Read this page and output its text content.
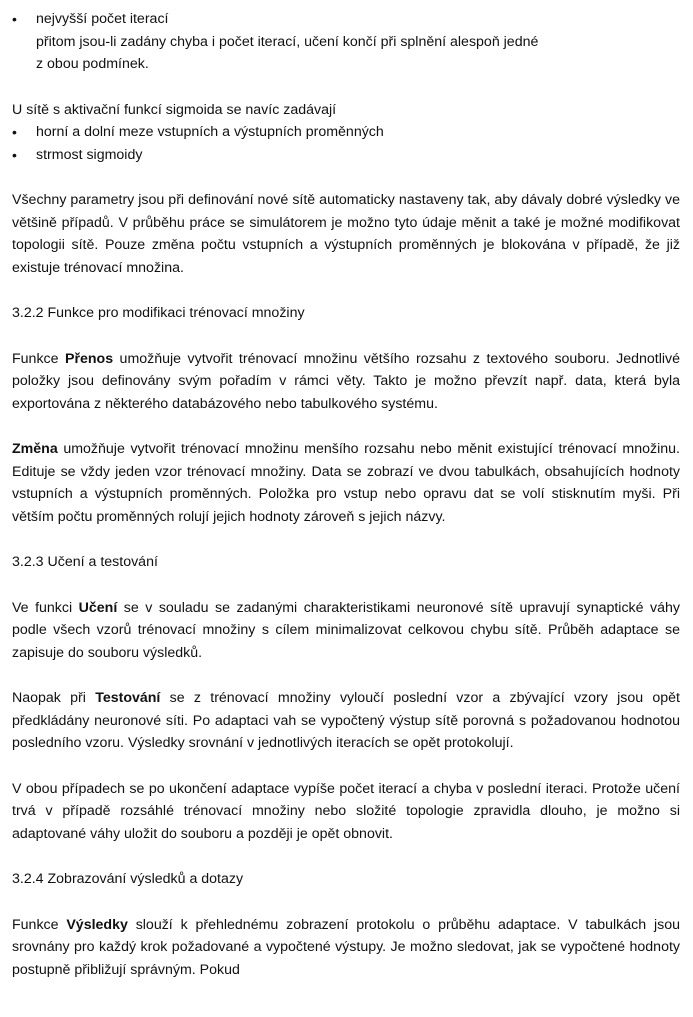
•	nejvyšší počet iterací
přitom jsou-li zadány chyba i počet iterací, učení končí při splnění alespoň jedné
z obou podmínek.

U sítě s aktivační funkcí sigmoida se navíc zadávají

•	horní a dolní meze vstupních a výstupních proměnných
•	strmost sigmoidy

Všechny parametry jsou při definování nové sítě automaticky nastaveny tak, aby dávaly dobré výsledky ve většině případů. V průběhu práce se simulátorem je možno tyto údaje měnit a také je možné modifikovat topologii sítě. Pouze změna počtu vstupních a výstupních proměnných je blokována v případě, že již existuje trénovací množina.

3.2.2 Funkce pro modifikaci trénovací množiny

Funkce Přenos umožňuje vytvořit trénovací množinu většího rozsahu z textového souboru. Jednotlivé položky jsou definovány svým pořadím v rámci věty. Takto je možno převzít např. data, která byla exportována z některého databázového nebo tabulkového systému.

Změna umožňuje vytvořit trénovací množinu menšího rozsahu nebo měnit existující trénovací množinu. Edituje se vždy jeden vzor trénovací množiny. Data se zobrazí ve dvou tabulkách, obsahujících hodnoty vstupních a výstupních proměnných. Položka pro vstup nebo opravu dat se volí stisknutím myši. Při větším počtu proměnných rolují jejich hodnoty zároveň s jejich názvy.

3.2.3 Učení a testování

Ve funkci Učení se v souladu se zadanými charakteristikami neuronové sítě upravují synaptické váhy podle všech vzorů trénovací množiny s cílem minimalizovat celkovou chybu sítě. Průběh adaptace se zapisuje do souboru výsledků.

Naopak při Testování se z trénovací množiny vyloučí poslední vzor a zbývající vzory jsou opět předkládány neuronové síti. Po adaptaci vah se vypočtený výstup sítě porovná s požadovanou hodnotou posledního vzoru. Výsledky srovnání v jednotlivých iteracích se opět protokolují.

V obou případech se po ukončení adaptace vypíše počet iterací a chyba v poslední iteraci. Protože učení trvá v případě rozsáhlé trénovací množiny nebo složité topologie zpravidla dlouho, je možno si adaptované váhy uložit do souboru a později je opět obnovit.

3.2.4 Zobrazování výsledků a dotazy

Funkce Výsledky slouží k přehlednému zobrazení protokolu o průběhu adaptace. V tabulkách jsou srovnány pro každý krok požadované a vypočtené výstupy. Je možno sledovat, jak se vypočtené hodnoty postupně přibližují správným. Pokud
